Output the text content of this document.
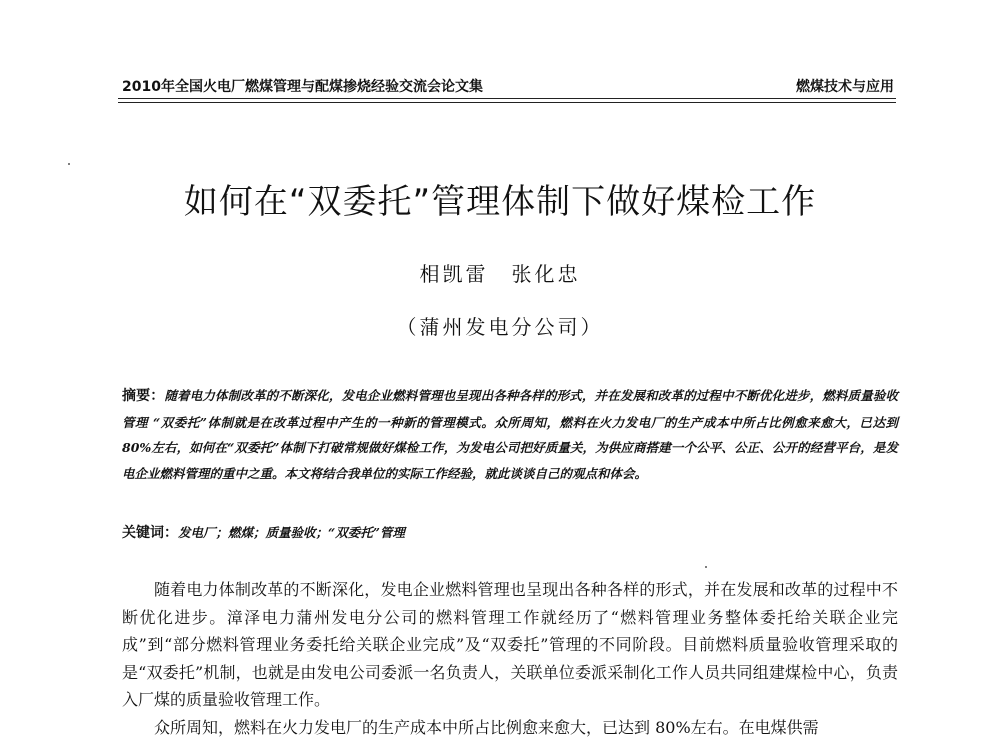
2010年全国火电厂燃煤管理与配煤掺烧经验交流会论文集	燃煤技术与应用
如何在“双委托”管理体制下做好煤检工作
相凯雷　张化忠
（蒲州发电分公司）
摘要：随着电力体制改革的不断深化，发电企业燃料管理也呈现出各种各样的形式，并在发展和改革的过程中不断优化进步，燃料质量验收管理 “双委托”体制就是在改革过程中产生的一种新的管理模式。众所周知，燃料在火力发电厂的生产成本中所占比例愈来愈大，已达到 80%左右，如何在“双委托”体制下打破常规做好煤检工作，为发电公司把好质量关，为供应商搭建一个公平、公正、公开的经营平台，是发电企业燃料管理的重中之重。本文将结合我单位的实际工作经验，就此谈谈自己的观点和体会。
关键词：发电厂；燃煤；质量验收；“双委托”管理

随着电力体制改革的不断深化，发电企业燃料管理也呈现出各种各样的形式，并在发展和改革的过程中不断优化进步。漳泽电力蒲州发电分公司的燃料管理工作就经历了“燃料管理业务整体委托给关联企业完成”到“部分燃料管理业务委托给关联企业完成”及“双委托”管理的不同阶段。目前燃料质量验收管理采取的是“双委托”机制，也就是由发电公司委派一名负责人，关联单位委派采制化工作人员共同组建煤检中心，负责入厂煤的质量验收管理工作。

众所周知，燃料在火力发电厂的生产成本中所占比例愈来愈大，已达到 80%左右。在电煤供需
